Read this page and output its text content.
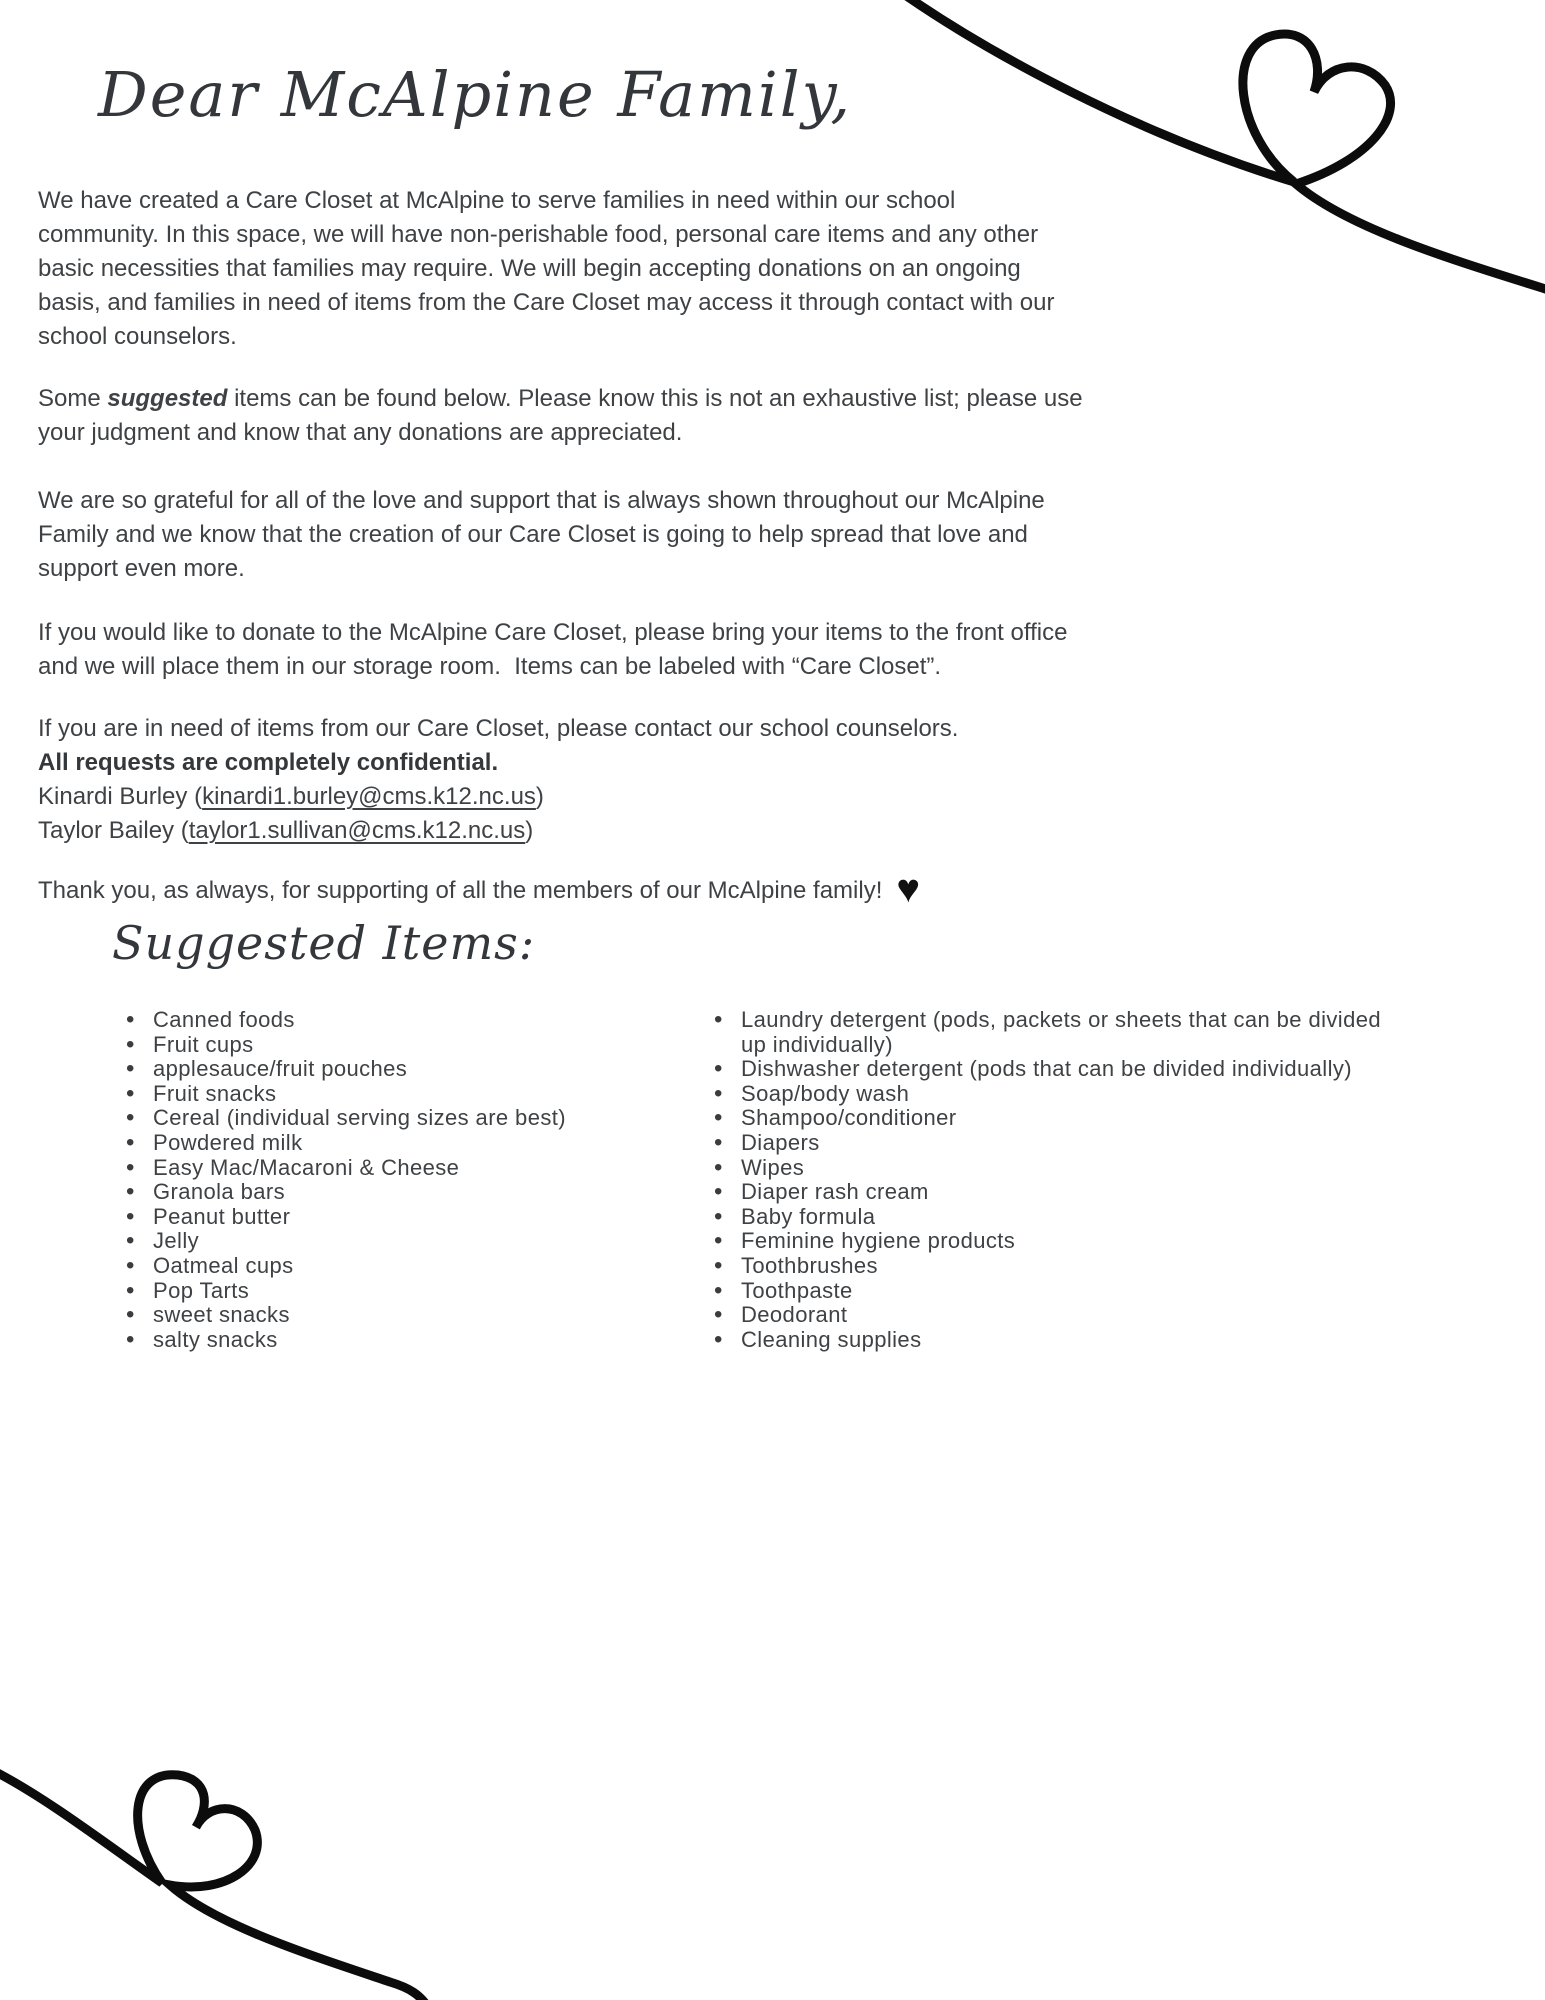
Dear McAlpine Family,
We have created a Care Closet at McAlpine to serve families in need within our school
community. In this space, we will have non-perishable food, personal care items and any other
basic necessities that families may require. We will begin accepting donations on an ongoing
basis, and families in need of items from the Care Closet may access it through contact with our
school counselors.
Some suggested items can be found below. Please know this is not an exhaustive list; please use
your judgment and know that any donations are appreciated.
We are so grateful for all of the love and support that is always shown throughout our McAlpine
Family and we know that the creation of our Care Closet is going to help spread that love and
support even more.
If you would like to donate to the McAlpine Care Closet, please bring your items to the front office
and we will place them in our storage room.  Items can be labeled with “Care Closet”.
If you are in need of items from our Care Closet, please contact our school counselors.
All requests are completely confidential.
Kinardi Burley (kinardi1.burley@cms.k12.nc.us)
Taylor Bailey (taylor1.sullivan@cms.k12.nc.us)
Thank you, as always, for supporting of all the members of our McAlpine family! ♥
Suggested Items:
• Canned foods
• Fruit cups
• applesauce/fruit pouches
• Fruit snacks
• Cereal (individual serving sizes are best)
• Powdered milk
• Easy Mac/Macaroni & Cheese
• Granola bars
• Peanut butter
• Jelly
• Oatmeal cups
• Pop Tarts
• sweet snacks
• salty snacks
• Laundry detergent (pods, packets or sheets that can be divided up individually)
• Dishwasher detergent (pods that can be divided individually)
• Soap/body wash
• Shampoo/conditioner
• Diapers
• Wipes
• Diaper rash cream
• Baby formula
• Feminine hygiene products
• Toothbrushes
• Toothpaste
• Deodorant
• Cleaning supplies
